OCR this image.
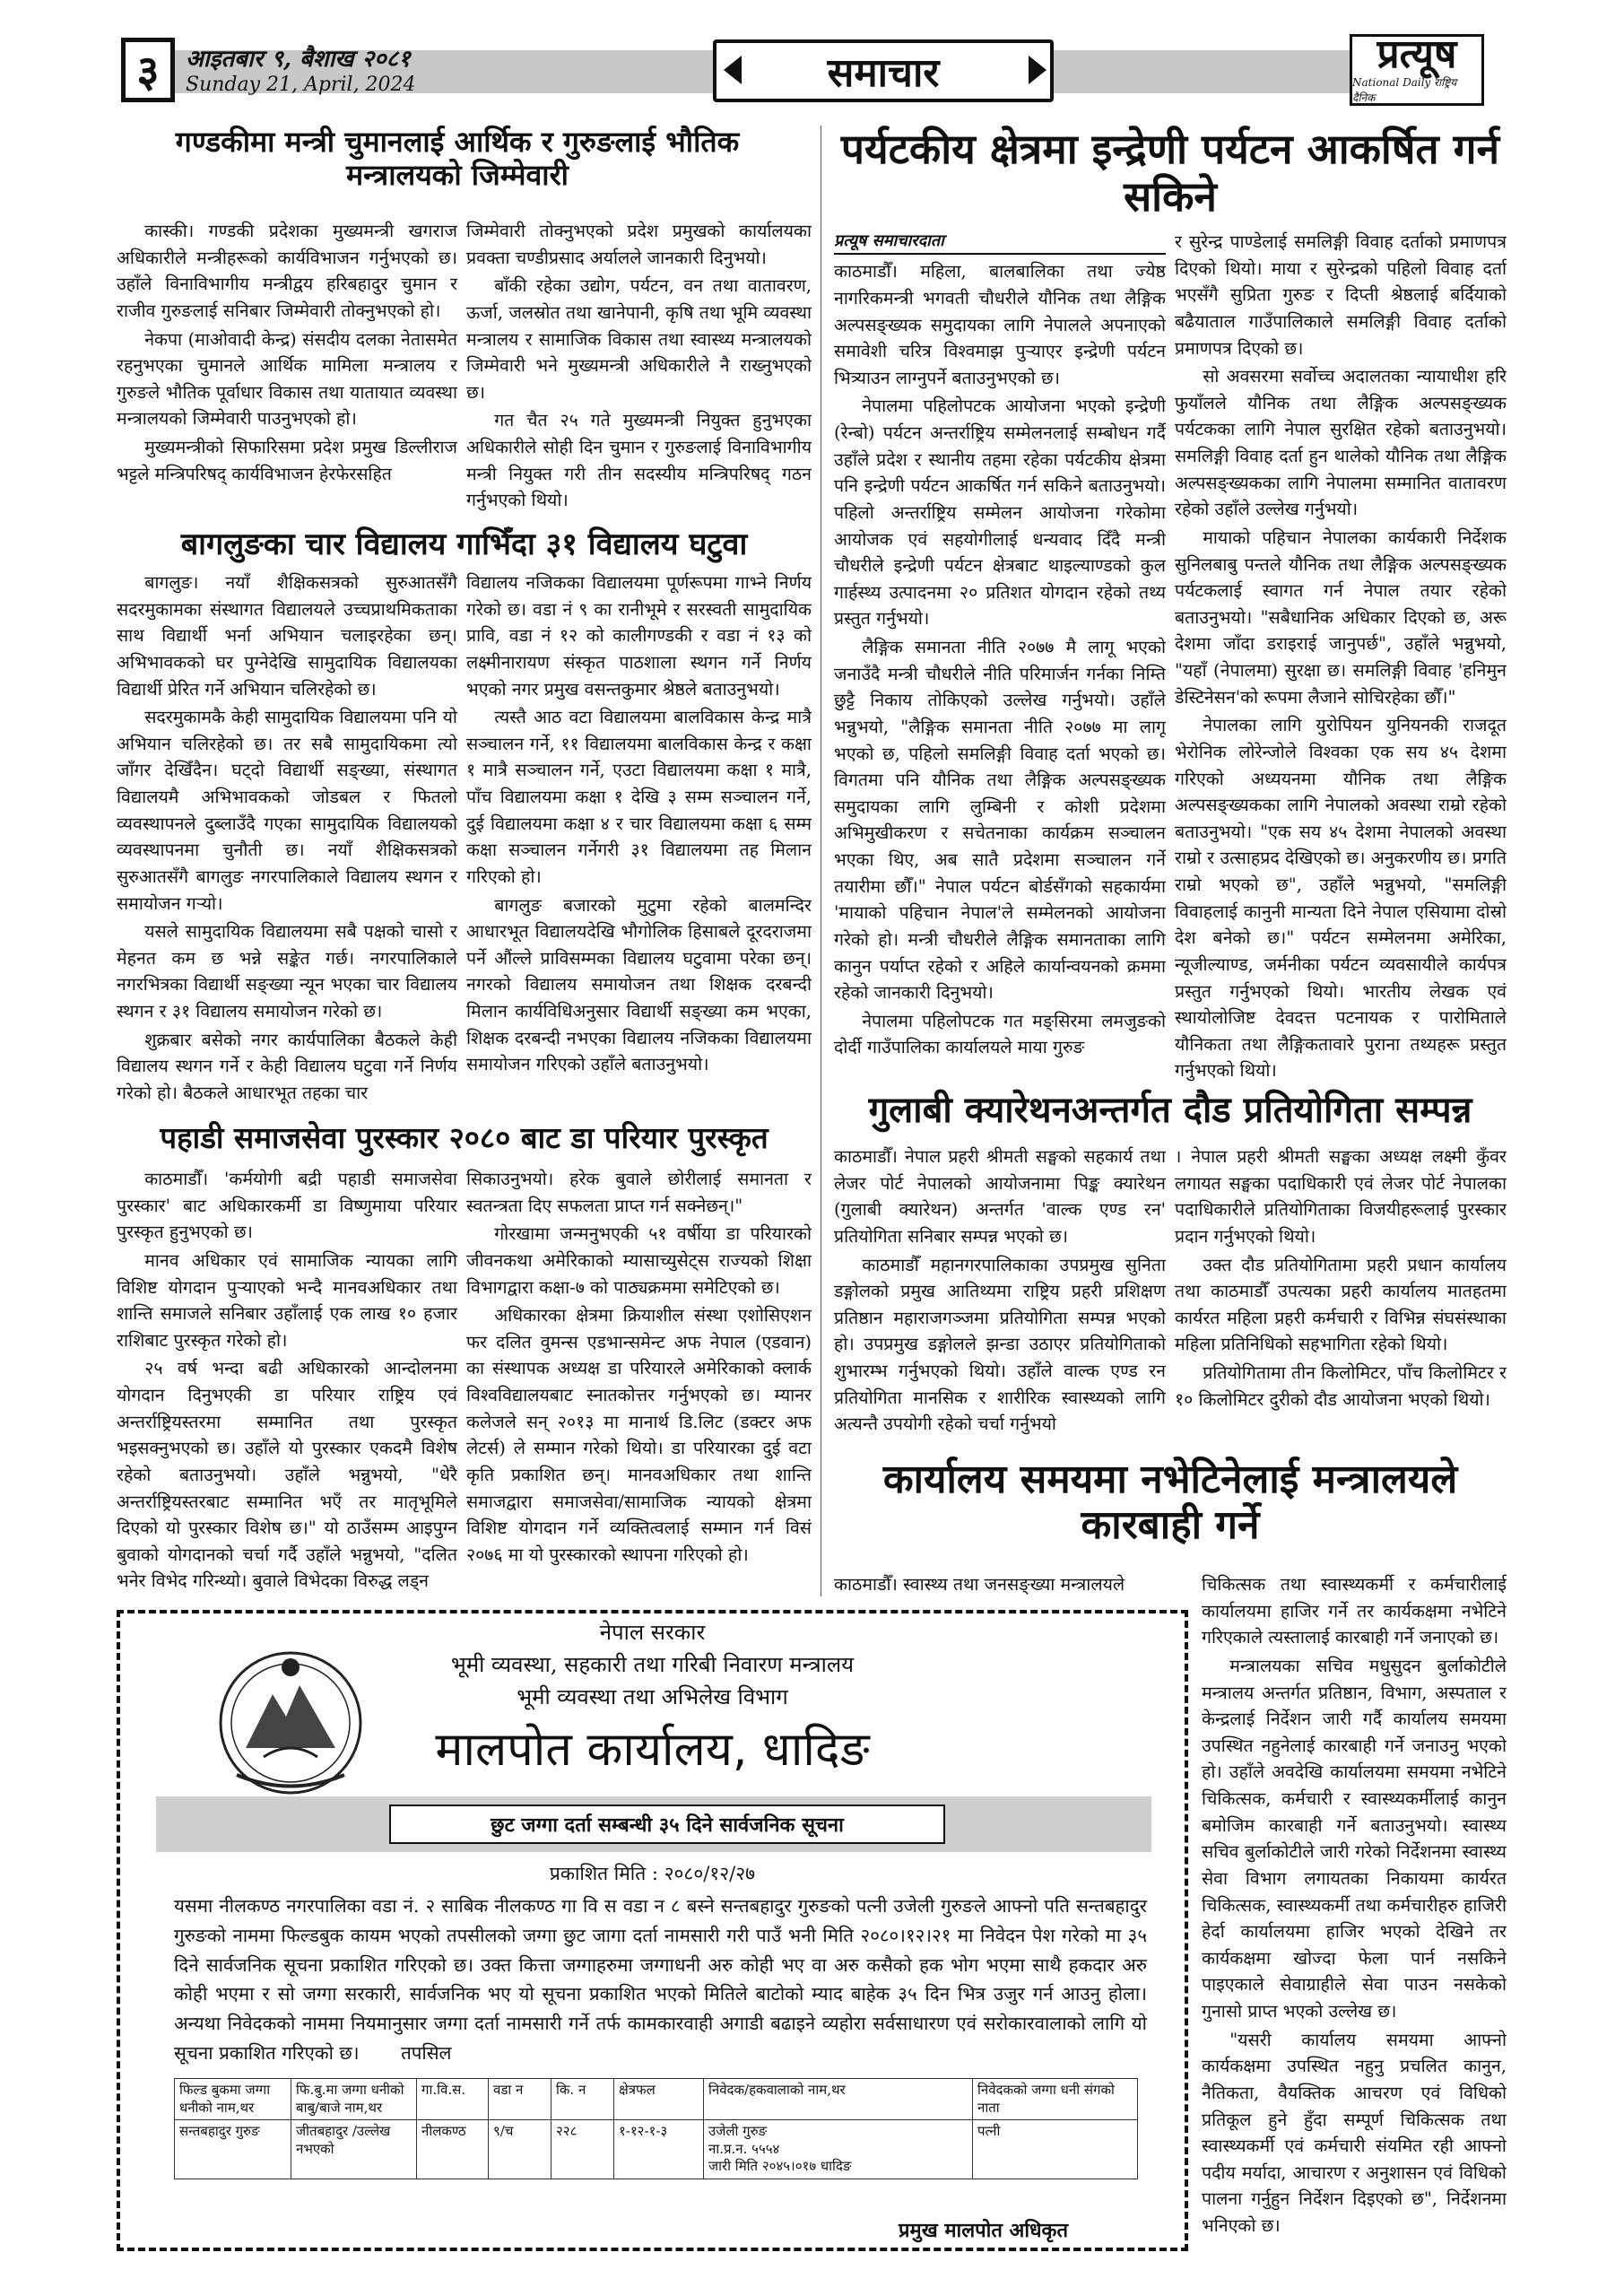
३	आइतबार ९, बैशाख २०८१
Sunday 21, April, 2024	समाचार	प्रत्यूष
National Daily राष्ट्रिय दैनिक
गण्डकीमा मन्त्री चुमानलाई आर्थिक र गुरुङलाई भौतिक मन्त्रालयको जिम्मेवारी

कास्की। गण्डकी प्रदेशका मुख्यमन्त्री खगराज अधिकारीले मन्त्रीहरूको कार्यविभाजन गर्नुभएको छ। उहाँले विनाविभागीय मन्त्रीद्वय हरिबहादुर चुमान र राजीव गुरुङलाई सनिबार जिम्मेवारी तोक्नुभएको हो।

नेकपा (माओवादी केन्द्र) संसदीय दलका नेतासमेत रहनुभएका चुमानले आर्थिक मामिला मन्त्रालय र गुरुङले भौतिक पूर्वाधार विकास तथा यातायात व्यवस्था मन्त्रालयको जिम्मेवारी पाउनुभएको हो।

मुख्यमन्त्रीको सिफारिसमा प्रदेश प्रमुख डिल्लीराज भट्टले मन्त्रिपरिषद् कार्यविभाजन हेरफेरसहित

जिम्मेवारी तोक्नुभएको प्रदेश प्रमुखको कार्यालयका प्रवक्ता चण्डीप्रसाद अर्यालले जानकारी दिनुभयो।

बाँकी रहेका उद्योग, पर्यटन, वन तथा वातावरण, ऊर्जा, जलस्रोत तथा खानेपानी, कृषि तथा भूमि व्यवस्था मन्त्रालय र सामाजिक विकास तथा स्वास्थ्य मन्त्रालयको जिम्मेवारी भने मुख्यमन्त्री अधिकारीले नै राख्नुभएको छ।

गत चैत २५ गते मुख्यमन्त्री नियुक्त हुनुभएका अधिकारीले सोही दिन चुमान र गुरुङलाई विनाविभागीय मन्त्री नियुक्त गरी तीन सदस्यीय मन्त्रिपरिषद् गठन गर्नुभएको थियो।

बागलुङका चार विद्यालय गाभिँदा ३१ विद्यालय घटुवा

बागलुङ। नयाँ शैक्षिकसत्रको सुरुआतसँगै सदरमुकामका संस्थागत विद्यालयले उच्चप्राथमिकताका साथ विद्यार्थी भर्ना अभियान चलाइरहेका छन्। अभिभावकको घर पुग्नेदेखि सामुदायिक विद्यालयका विद्यार्थी प्रेरित गर्ने अभियान चलिरहेको छ।

सदरमुकामकै केही सामुदायिक विद्यालयमा पनि यो अभियान चलिरहेको छ। तर सबै सामुदायिकमा त्यो जाँगर देखिँदैन। घट्दो विद्यार्थी सङ्ख्या, संस्थागत विद्यालयमै अभिभावकको जोडबल र फितलो व्यवस्थापनले दुब्लाउँदै गएका सामुदायिक विद्यालयको व्यवस्थापनमा चुनौती छ। नयाँ शैक्षिकसत्रको सुरुआतसँगै बागलुङ नगरपालिकाले विद्यालय स्थगन र समायोजन गर्‍यो।

यसले सामुदायिक विद्यालयमा सबै पक्षको चासो र मेहनत कम छ भन्ने सङ्केत गर्छ। नगरपालिकाले नगरभित्रका विद्यार्थी सङ्ख्या न्यून भएका चार विद्यालय स्थगन र ३१ विद्यालय समायोजन गरेको छ।

शुक्रबार बसेको नगर कार्यपालिका बैठकले केही विद्यालय स्थगन गर्ने र केही विद्यालय घटुवा गर्ने निर्णय गरेको हो। बैठकले आधारभूत तहका चार

विद्यालय नजिकका विद्यालयमा पूर्णरूपमा गाभ्ने निर्णय गरेको छ। वडा नं ९ का रानीभूमे र सरस्वती सामुदायिक प्रावि, वडा नं १२ को कालीगण्डकी र वडा नं १३ को लक्ष्मीनारायण संस्कृत पाठशाला स्थगन गर्ने निर्णय भएको नगर प्रमुख वसन्तकुमार श्रेष्ठले बताउनुभयो।

त्यस्तै आठ वटा विद्यालयमा बालविकास केन्द्र मात्रै सञ्चालन गर्ने, ११ विद्यालयमा बालविकास केन्द्र र कक्षा १ मात्रै सञ्चालन गर्ने, एउटा विद्यालयमा कक्षा १ मात्रै, पाँच विद्यालयमा कक्षा १ देखि ३ सम्म सञ्चालन गर्ने, दुई विद्यालयमा कक्षा ४ र चार विद्यालयमा कक्षा ६ सम्म कक्षा सञ्चालन गर्नेगरी ३१ विद्यालयमा तह मिलान गरिएको हो।

बागलुङ बजारको मुटुमा रहेको बालमन्दिर आधारभूत विद्यालयदेखि भौगोलिक हिसाबले दूरदराजमा पर्ने औंल्ले प्राविसम्मका विद्यालय घटुवामा परेका छन्। नगरको विद्यालय समायोजन तथा शिक्षक दरबन्दी मिलान कार्यविधिअनुसार विद्यार्थी सङ्ख्या कम भएका, शिक्षक दरबन्दी नभएका विद्यालय नजिकका विद्यालयमा समायोजन गरिएको उहाँले बताउनुभयो।

पहाडी समाजसेवा पुरस्कार २०८० बाट डा परियार पुरस्कृत

काठमाडौँ। 'कर्मयोगी बद्री पहाडी समाजसेवा पुरस्कार' बाट अधिकारकर्मी डा विष्णुमाया परियार पुरस्कृत हुनुभएको छ।

मानव अधिकार एवं सामाजिक न्यायका लागि विशिष्ट योगदान पुऱ्याएको भन्दै मानवअधिकार तथा शान्ति समाजले सनिबार उहाँलाई एक लाख १० हजार राशिबाट पुरस्कृत गरेको हो।

२५ वर्ष भन्दा बढी अधिकारको आन्दोलनमा योगदान दिनुभएकी डा परियार राष्ट्रिय एवं अन्तर्राष्ट्रियस्तरमा सम्मानित तथा पुरस्कृत भइसक्नुभएको छ। उहाँले यो पुरस्कार एकदमै विशेष रहेको बताउनुभयो। उहाँले भन्नुभयो, "धेरै अन्तर्राष्ट्रियस्तरबाट सम्मानित भएँ तर मातृभूमिले दिएको यो पुरस्कार विशेष छ।" यो ठाउँसम्म आइपुग्न बुवाको योगदानको चर्चा गर्दै उहाँले भन्नुभयो, "दलित भनेर विभेद गरिन्थ्यो। बुवाले विभेदका विरुद्ध लड्न

सिकाउनुभयो। हरेक बुवाले छोरीलाई समानता र स्वतन्त्रता दिए सफलता प्राप्त गर्न सक्नेछन्।"

गोरखामा जन्मनुभएकी ५१ वर्षीया डा परियारको जीवनकथा अमेरिकाको म्यासाच्युसेट्स राज्यको शिक्षा विभागद्वारा कक्षा-७ को पाठ्यक्रममा समेटिएको छ।

अधिकारका क्षेत्रमा क्रियाशील संस्था एशोसिएशन फर दलित वुमन्स एडभान्समेन्ट अफ नेपाल (एडवान) का संस्थापक अध्यक्ष डा परियारले अमेरिकाको क्लार्क विश्वविद्यालयबाट स्नातकोत्तर गर्नुभएको छ। म्यानर कलेजले सन् २०१३ मा मानार्थ डि.लिट (डक्टर अफ लेटर्स) ले सम्मान गरेको थियो। डा परियारका दुई वटा कृति प्रकाशित छन्। मानवअधिकार तथा शान्ति समाजद्वारा समाजसेवा/सामाजिक न्यायको क्षेत्रमा विशिष्ट योगदान गर्ने व्यक्तित्वलाई सम्मान गर्न विसं २०७६ मा यो पुरस्कारको स्थापना गरिएको हो।

पर्यटकीय क्षेत्रमा इन्द्रेणी पर्यटन आकर्षित गर्न सकिने
प्रत्यूष समाचारदाता

काठमाडौँ। महिला, बालबालिका तथा ज्येष्ठ नागरिकमन्त्री भगवती चौधरीले यौनिक तथा लैङ्गिक अल्पसङ्ख्यक समुदायका लागि नेपालले अपनाएको समावेशी चरित्र विश्वमाझ पुर्‍याएर इन्द्रेणी पर्यटन भित्र्याउन लाग्नुपर्ने बताउनुभएको छ।

नेपालमा पहिलोपटक आयोजना भएको इन्द्रेणी (रेन्बो) पर्यटन अन्तर्राष्ट्रिय सम्मेलनलाई सम्बोधन गर्दै उहाँले प्रदेश र स्थानीय तहमा रहेका पर्यटकीय क्षेत्रमा पनि इन्द्रेणी पर्यटन आकर्षित गर्न सकिने बताउनुभयो। पहिलो अन्तर्राष्ट्रिय सम्मेलन आयोजना गरेकोमा आयोजक एवं सहयोगीलाई धन्यवाद दिँदै मन्त्री चौधरीले इन्द्रेणी पर्यटन क्षेत्रबाट थाइल्याण्डको कुल गार्हस्थ्य उत्पादनमा २० प्रतिशत योगदान रहेको तथ्य प्रस्तुत गर्नुभयो।

लैङ्गिक समानता नीति २०७७ मै लागू भएको जनाउँदै मन्त्री चौधरीले नीति परिमार्जन गर्नका निम्ति छुट्टै निकाय तोकिएको उल्लेख गर्नुभयो। उहाँले भन्नुभयो, "लैङ्गिक समानता नीति २०७७ मा लागू भएको छ, पहिलो समलिङ्गी विवाह दर्ता भएको छ। विगतमा पनि यौनिक तथा लैङ्गिक अल्पसङ्ख्यक समुदायका लागि लुम्बिनी र कोशी प्रदेशमा अभिमुखीकरण र सचेतनाका कार्यक्रम सञ्चालन भएका थिए, अब सातै प्रदेशमा सञ्चालन गर्ने तयारीमा छौँ।" नेपाल पर्यटन बोर्डसँगको सहकार्यमा 'मायाको पहिचान नेपाल'ले सम्मेलनको आयोजना गरेको हो। मन्त्री चौधरीले लैङ्गिक समानताका लागि कानुन पर्याप्त रहेको र अहिले कार्यान्वयनको क्रममा रहेको जानकारी दिनुभयो।

नेपालमा पहिलोपटक गत मङ्सिरमा लमजुङको दोर्दी गाउँपालिका कार्यालयले माया गुरुङ

र सुरेन्द्र पाण्डेलाई समलिङ्गी विवाह दर्ताको प्रमाणपत्र दिएको थियो। माया र सुरेन्द्रको पहिलो विवाह दर्ता भएसँगै सुप्रिता गुरुङ र दिप्ती श्रेष्ठलाई बर्दियाको बढैयाताल गाउँपालिकाले समलिङ्गी विवाह दर्ताको प्रमाणपत्र दिएको छ।

सो अवसरमा सर्वोच्च अदालतका न्यायाधीश हरि फुयाँलले यौनिक तथा लैङ्गिक अल्पसङ्ख्यक पर्यटकका लागि नेपाल सुरक्षित रहेको बताउनुभयो। समलिङ्गी विवाह दर्ता हुन थालेको यौनिक तथा लैङ्गिक अल्पसङ्ख्यकका लागि नेपालमा सम्मानित वातावरण रहेको उहाँले उल्लेख गर्नुभयो।

मायाको पहिचान नेपालका कार्यकारी निर्देशक सुनिलबाबु पन्तले यौनिक तथा लैङ्गिक अल्पसङ्ख्यक पर्यटकलाई स्वागत गर्न नेपाल तयार रहेको बताउनुभयो। "सबैधानिक अधिकार दिएको छ, अरू देशमा जाँदा डराइराई जानुपर्छ", उहाँले भन्नुभयो, "यहाँ (नेपालमा) सुरक्षा छ। समलिङ्गी विवाह 'हनिमुन डेस्टिनेसन'को रूपमा लैजाने सोचिरहेका छौँ।"

नेपालका लागि युरोपियन युनियनकी राजदूत भेरोनिक लोरेन्जोले विश्वका एक सय ४५ देशमा गरिएको अध्ययनमा यौनिक तथा लैङ्गिक अल्पसङ्ख्यकका लागि नेपालको अवस्था राम्रो रहेको बताउनुभयो। "एक सय ४५ देशमा नेपालको अवस्था राम्रो र उत्साहप्रद देखिएको छ। अनुकरणीय छ। प्रगति राम्रो भएको छ", उहाँले भन्नुभयो, "समलिङ्गी विवाहलाई कानुनी मान्यता दिने नेपाल एसियामा दोस्रो देश बनेको छ।" पर्यटन सम्मेलनमा अमेरिका, न्यूजील्याण्ड, जर्मनीका पर्यटन व्यवसायीले कार्यपत्र प्रस्तुत गर्नुभएको थियो। भारतीय लेखक एवं स्थायोलोजिष्ट देवदत्त पटनायक र पारोमिताले यौनिकता तथा लैङ्गिकतावारे पुराना तथ्यहरू प्रस्तुत गर्नुभएको थियो।

गुलाबी क्यारेथनअन्तर्गत दौड प्रतियोगिता सम्पन्न

काठमाडौँ। नेपाल प्रहरी श्रीमती सङ्घको सहकार्य तथा लेजर पोर्ट नेपालको आयोजनामा पिङ्क क्यारेथन (गुलाबी क्यारेथन) अन्तर्गत 'वाल्क एण्ड रन' प्रतियोगिता सनिबार सम्पन्न भएको छ।

काठमाडौँ महानगरपालिकाका उपप्रमुख सुनिता डङ्गोलको प्रमुख आतिथ्यमा राष्ट्रिय प्रहरी प्रशिक्षण प्रतिष्ठान महाराजगञ्जमा प्रतियोगिता सम्पन्न भएको हो। उपप्रमुख डङ्गोलले झन्डा उठाएर प्रतियोगिताको शुभारम्भ गर्नुभएको थियो। उहाँले वाल्क एण्ड रन प्रतियोगिता मानसिक र शारीरिक स्वास्थ्यको लागि अत्यन्तै उपयोगी रहेको चर्चा गर्नुभयो

। नेपाल प्रहरी श्रीमती सङ्घका अध्यक्ष लक्ष्मी कुँवर लगायत सङ्घका पदाधिकारी एवं लेजर पोर्ट नेपालका पदाधिकारीले प्रतियोगिताका विजयीहरूलाई पुरस्कार प्रदान गर्नुभएको थियो।

उक्त दौड प्रतियोगितामा प्रहरी प्रधान कार्यालय तथा काठमाडौँ उपत्यका प्रहरी कार्यालय मातहतमा कार्यरत महिला प्रहरी कर्मचारी र विभिन्न संघसंस्थाका महिला प्रतिनिधिको सहभागिता रहेको थियो।

प्रतियोगितामा तीन किलोमिटर, पाँच किलोमिटर र १० किलोमिटर दुरीको दौड आयोजना भएको थियो।

कार्यालय समयमा नभेटिनेलाई मन्त्रालयले कारबाही गर्ने

काठमाडौँ। स्वास्थ्य तथा जनसङ्ख्या मन्त्रालयले	चिकित्सक तथा स्वास्थ्यकर्मी र कर्मचारीलाई कार्यालयमा हाजिर गर्ने तर कार्यकक्षमा नभेटिने गरिएकाले त्यस्तालाई कारबाही गर्ने जनाएको छ।

मन्त्रालयका सचिव मधुसुदन बुर्लाकोटीले मन्त्रालय अन्तर्गत प्रतिष्ठान, विभाग, अस्पताल र केन्द्रलाई निर्देशन जारी गर्दै कार्यालय समयमा उपस्थित नहुनेलाई कारबाही गर्ने जनाउनु भएको हो। उहाँले अवदेखि कार्यालयमा समयमा नभेटिने चिकित्सक, कर्मचारी र स्वास्थ्यकर्मीलाई कानुन बमोजिम कारबाही गर्ने बताउनुभयो। स्वास्थ्य सचिव बुर्लाकोटीले जारी गरेको निर्देशनमा स्वास्थ्य सेवा विभाग लगायतका निकायमा कार्यरत चिकित्सक, स्वास्थ्यकर्मी तथा कर्मचारीहरु हाजिरी हेर्दा कार्यालयमा हाजिर भएको देखिने तर कार्यकक्षमा खोज्दा फेला पार्न नसकिने पाइएकाले सेवाग्राहीले सेवा पाउन नसकेको गुनासो प्राप्त भएको उल्लेख छ।

"यसरी कार्यालय समयमा आफ्नो कार्यकक्षमा उपस्थित नहुनु प्रचलित कानुन, नैतिकता, वैयक्तिक आचरण एवं विधिको प्रतिकूल हुने हुँदा सम्पूर्ण चिकित्सक तथा स्वास्थ्यकर्मी एवं कर्मचारी संयमित रही आफ्नो पदीय मर्यादा, आचारण र अनुशासन एवं विधिको पालना गर्नुहुन निर्देशन दिइएको छ", निर्देशनमा भनिएको छ।

नेपाल सरकार
भूमी व्यवस्था, सहकारी तथा गरिबी निवारण मन्त्रालय
भूमी व्यवस्था तथा अभिलेख विभाग
मालपोत कार्यालय, धादिङ
छुट जग्गा दर्ता सम्बन्धी ३५ दिने सार्वजनिक सूचना
प्रकाशित मिति : २०८०/१२/२७
यसमा नीलकण्ठ नगरपालिका वडा नं. २ साबिक नीलकण्ठ गा वि स वडा न ८ बस्ने सन्तबहादुर गुरुङको पत्नी उजेली गुरुङले आफ्नो पति सन्तबहादुर गुरुङको नाममा फिल्डबुक कायम भएको तपसीलको जग्गा छुट जागा दर्ता नामसारी गरी पाउँ भनी मिति २०८०।१२।२१ मा निवेदन पेश गरेको मा ३५ दिने सार्वजनिक सूचना प्रकाशित गरिएको छ। उक्त कित्ता जग्गाहरुमा जग्गाधनी अरु कोही भए वा अरु कसैको हक भोग भएमा साथै हकदार अरु कोही भएमा र सो जग्गा सरकारी, सार्वजनिक भए यो सूचना प्रकाशित भएको मितिले बाटोको म्याद बाहेक ३५ दिन भित्र उजुर गर्न आउनु होला। अन्यथा निवेदकको नाममा नियमानुसार जग्गा दर्ता नामसारी गर्ने तर्फ कामकारवाही अगाडी बढाइने व्यहोरा सर्वसाधारण एवं सरोकारवालाको लागि यो सूचना प्रकाशित गरिएको छ। तपसिल
फिल्ड बुकमा जग्गा धनीको नाम,थर	फि.बु.मा जग्गा धनीको बाबु/बाजे नाम,थर	गा.वि.स.	वडा न	कि. न	क्षेत्रफल	निवेदक/हकवालाको नाम,थर	निवेदकको जग्गा धनी संगको नाता
सन्तबहादुर गुरुङ	जीतबहादुर /उल्लेख नभएको	नीलकण्ठ	९/च	२२८	१-१२-१-३	उजेली गुरुङ
ना.प्र.न. ५५५४
जारी मिति २०४५।०१७ धादिङ	पत्नी
प्रमुख मालपोत अधिकृत
